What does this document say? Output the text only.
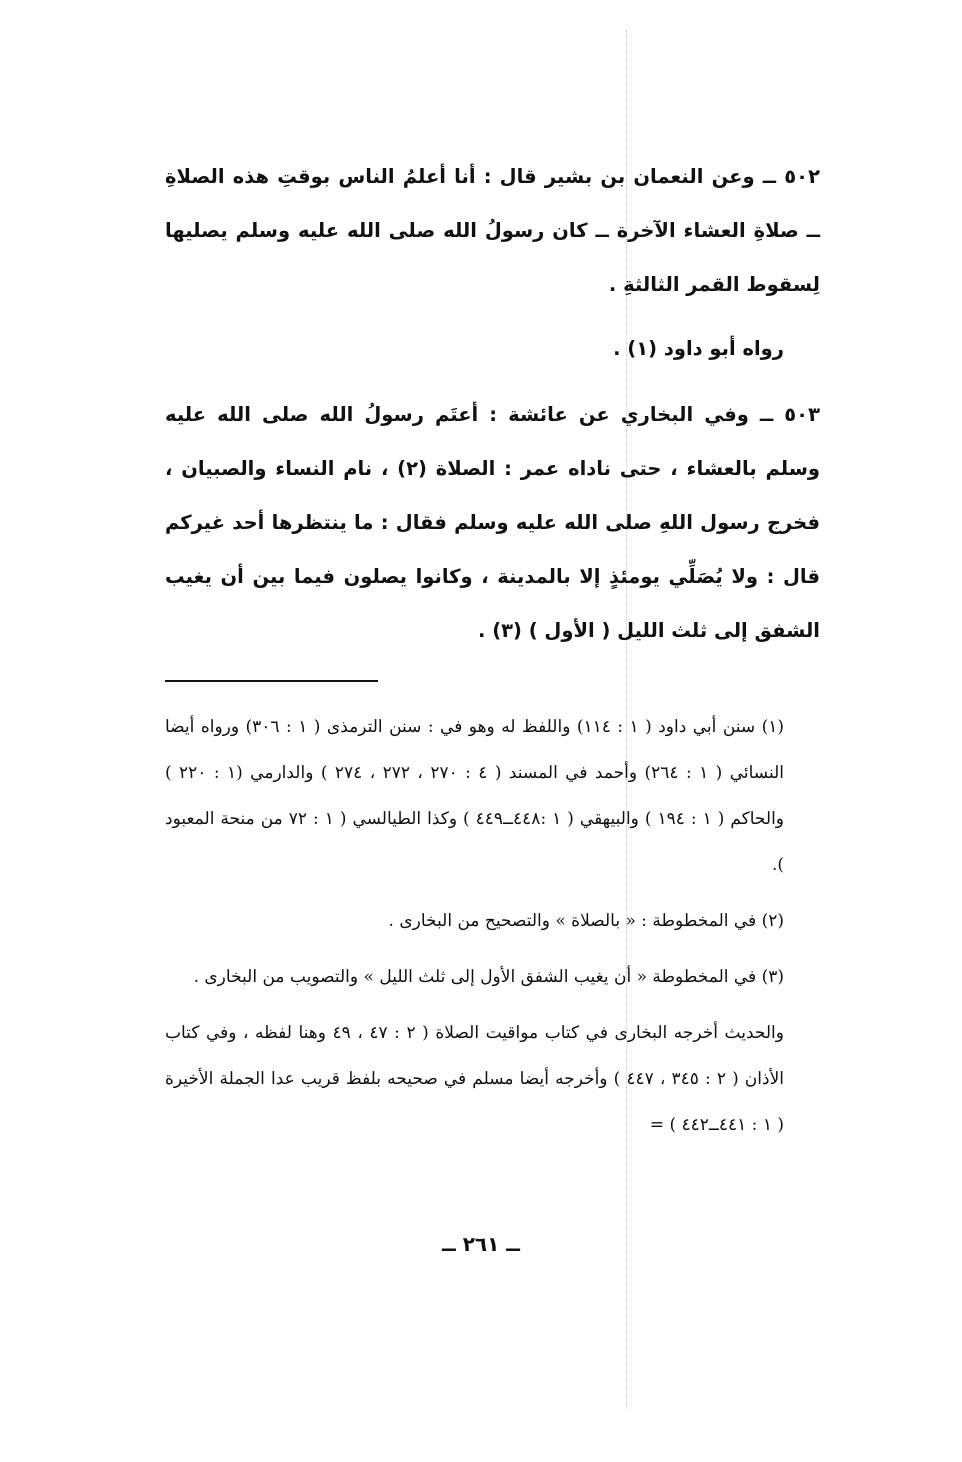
٥٠٢ ــ وعن النعمان بن بشير قال : أنا أعلمُ الناس بوقتِ هذه الصلاةِ ــ صلاةِ العشاء الآخرة ــ كان رسولُ الله صلى الله عليه وسلم يصليها لِسقوط القمر الثالثةِ .

رواه أبو داود (١) .

٥٠٣ ــ وفي البخاري عن عائشة : أعتَم رسولُ الله صلى الله عليه وسلم بالعشاء ، حتى ناداه عمر : الصلاة (٢) ، نام النساء والصبيان ، فخرج رسول اللهِ صلى الله عليه وسلم فقال : ما ينتظرها أحد غيركم قال : ولا يُصَلِّي يومئذٍ إلا بالمدينة ، وكانوا يصلون فيما بين أن يغيب الشفق إلى ثلث الليل ( الأول ) (٣) .

(١) سنن أبي داود ( ١ : ١١٤) واللفظ له وهو في : سنن الترمذى ( ١ : ٣٠٦) ورواه أيضا النسائي ( ١ : ٢٦٤) وأحمد في المسند ( ٤ : ٢٧٠ ، ٢٧٢ ، ٢٧٤ ) والدارمي (١ : ٢٢٠ ) والحاكم ( ١ : ١٩٤ ) والبيهقي ( ١ :٤٤٨ــ٤٤٩ ) وكذا الطيالسي ( ١ : ٧٢ من منحة المعبود ).

(٢) في المخطوطة : « بالصلاة » والتصحيح من البخارى .

(٣) في المخطوطة « أن يغيب الشفق الأول إلى ثلث الليل » والتصويب من البخارى .

والحديث أخرجه البخارى في كتاب مواقيت الصلاة ( ٢ : ٤٧ ، ٤٩ وهنا لفظه ، وفي كتاب الأذان ( ٢ : ٣٤٥ ، ٤٤٧ ) وأخرجه أيضا مسلم في صحيحه بلفظ قريب عدا الجملة الأخيرة ( ١ : ٤٤١ــ٤٤٢ ) =

ــ ٢٦١ ــ
